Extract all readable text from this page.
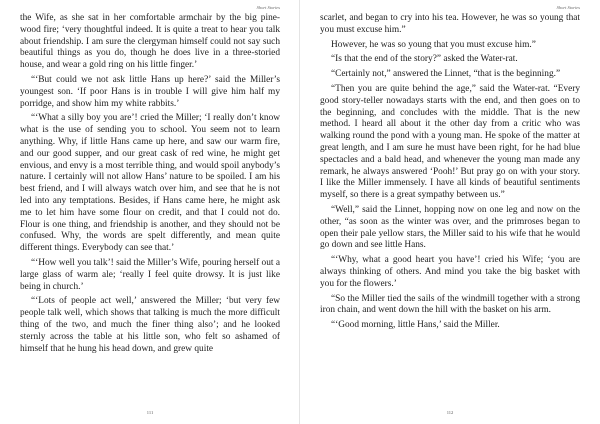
Short Stories

the Wife, as she sat in her comfortable armchair by the big pine-wood fire; ‘very thoughtful indeed. It is quite a treat to hear you talk about friendship. I am sure the clergyman himself could not say such beautiful things as you do, though he does live in a three-storied house, and wear a gold ring on his little finger.’

“‘But could we not ask little Hans up here?’ said the Miller’s youngest son. ‘If poor Hans is in trouble I will give him half my porridge, and show him my white rabbits.’

“‘What a silly boy you are’! cried the Miller; ‘I really don’t know what is the use of sending you to school. You seem not to learn anything. Why, if little Hans came up here, and saw our warm fire, and our good supper, and our great cask of red wine, he might get envious, and envy is a most terrible thing, and would spoil anybody’s nature. I certainly will not allow Hans’ nature to be spoiled. I am his best friend, and I will always watch over him, and see that he is not led into any temptations. Besides, if Hans came here, he might ask me to let him have some flour on credit, and that I could not do. Flour is one thing, and friendship is another, and they should not be confused. Why, the words are spelt differently, and mean quite different things. Everybody can see that.’

“‘How well you talk’! said the Miller’s Wife, pouring herself out a large glass of warm ale; ‘really I feel quite drowsy. It is just like being in church.’

“‘Lots of people act well,’ answered the Miller; ‘but very few people talk well, which shows that talking is much the more difficult thing of the two, and much the finer thing also’; and he looked sternly across the table at his little son, who felt so ashamed of himself that he hung his head down, and grew quite

111
Short Stories

scarlet, and began to cry into his tea. However, he was so young that you must excuse him.”

However, he was so young that you must excuse him.”

“Is that the end of the story?” asked the Water-rat.

“Certainly not,” answered the Linnet, “that is the beginning.”

“Then you are quite behind the age,” said the Water-rat. “Every good story-teller nowadays starts with the end, and then goes on to the beginning, and concludes with the middle. That is the new method. I heard all about it the other day from a critic who was walking round the pond with a young man. He spoke of the matter at great length, and I am sure he must have been right, for he had blue spectacles and a bald head, and whenever the young man made any remark, he always answered ‘Pooh!’ But pray go on with your story. I like the Miller immensely. I have all kinds of beautiful sentiments myself, so there is a great sympathy between us.”

“Well,” said the Linnet, hopping now on one leg and now on the other, “as soon as the winter was over, and the primroses began to open their pale yellow stars, the Miller said to his wife that he would go down and see little Hans.

“‘Why, what a good heart you have’! cried his Wife; ‘you are always thinking of others. And mind you take the big basket with you for the flowers.’

“So the Miller tied the sails of the windmill together with a strong iron chain, and went down the hill with the basket on his arm.

“‘Good morning, little Hans,’ said the Miller.

112
